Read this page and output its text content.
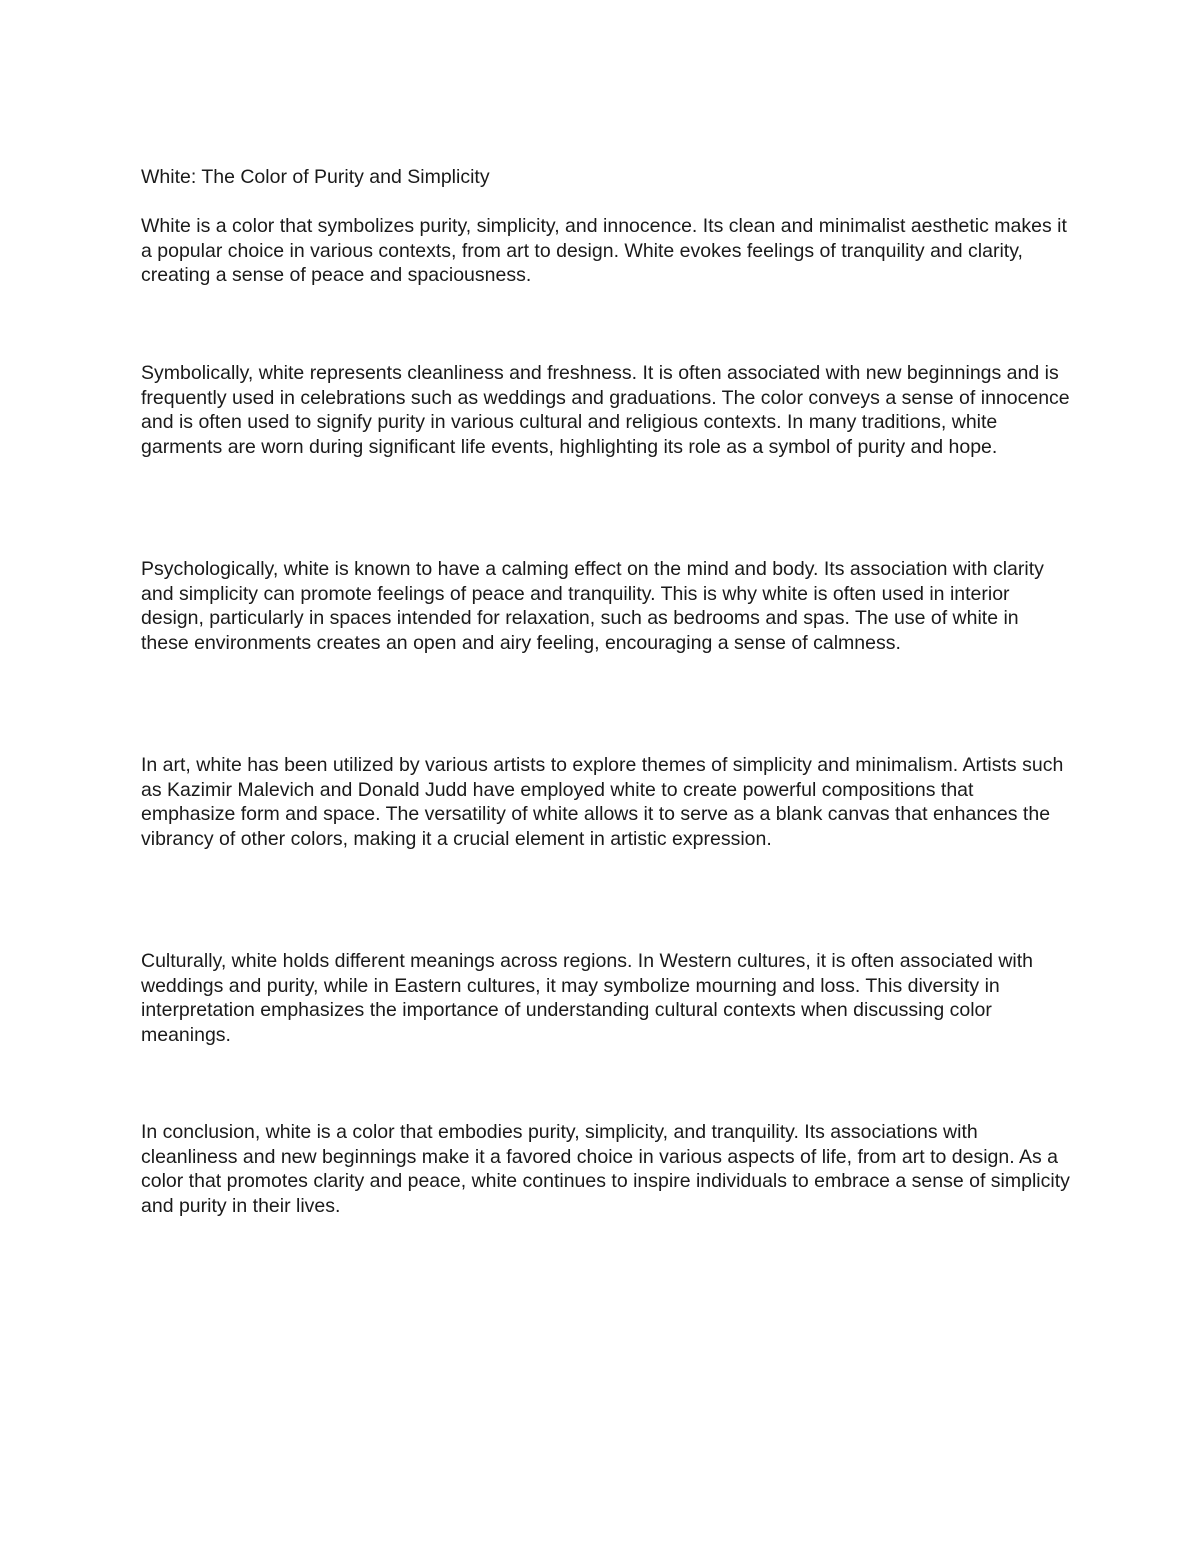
White: The Color of Purity and Simplicity

White is a color that symbolizes purity, simplicity, and innocence. Its clean and minimalist aesthetic makes it a popular choice in various contexts, from art to design. White evokes feelings of tranquility and clarity, creating a sense of peace and spaciousness.

Symbolically, white represents cleanliness and freshness. It is often associated with new beginnings and is frequently used in celebrations such as weddings and graduations. The color conveys a sense of innocence and is often used to signify purity in various cultural and religious contexts. In many traditions, white garments are worn during significant life events, highlighting its role as a symbol of purity and hope.

Psychologically, white is known to have a calming effect on the mind and body. Its association with clarity and simplicity can promote feelings of peace and tranquility. This is why white is often used in interior design, particularly in spaces intended for relaxation, such as bedrooms and spas. The use of white in these environments creates an open and airy feeling, encouraging a sense of calmness.

In art, white has been utilized by various artists to explore themes of simplicity and minimalism. Artists such as Kazimir Malevich and Donald Judd have employed white to create powerful compositions that emphasize form and space. The versatility of white allows it to serve as a blank canvas that enhances the vibrancy of other colors, making it a crucial element in artistic expression.

Culturally, white holds different meanings across regions. In Western cultures, it is often associated with weddings and purity, while in Eastern cultures, it may symbolize mourning and loss. This diversity in interpretation emphasizes the importance of understanding cultural contexts when discussing color meanings.

In conclusion, white is a color that embodies purity, simplicity, and tranquility. Its associations with cleanliness and new beginnings make it a favored choice in various aspects of life, from art to design. As a color that promotes clarity and peace, white continues to inspire individuals to embrace a sense of simplicity and purity in their lives.
